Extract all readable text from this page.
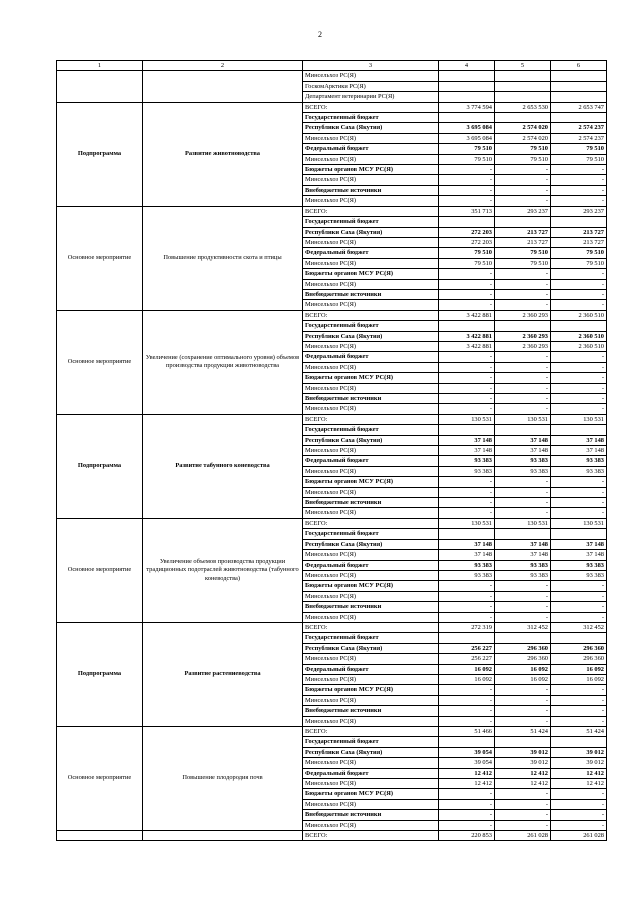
2
1	2	3	4	5	6
		Минсельхоз РС(Я)			
		ГоскомАрктики РС(Я)			
		Департамент ветеринарии РС(Я)			
Подпрограмма	Развитие животноводства	ВСЕГО:	3 774 594	2 653 530	2 653 747
		Государственный бюджет			
		Республики Саха (Якутия)	3 695 084	2 574 020	2 574 237
		Минсельхоз РС(Я)	3 695 084	2 574 020	2 574 237
		Федеральный бюджет	79 510	79 510	79 510
		Минсельхоз РС(Я)	79 510	79 510	79 510
		Бюджеты органов МСУ РС(Я)	-	-	-
		Минсельхоз РС(Я)	-	-	-
		Внебюджетные источники	-	-	-
		Минсельхоз РС(Я)	-	-	-
Основное мероприятие	Повышение продуктивности скота и птицы	ВСЕГО:	351 713	293 237	293 237
		Государственный бюджет			
		Республики Саха (Якутия)	272 203	213 727	213 727
		Минсельхоз РС(Я)	272 203	213 727	213 727
		Федеральный бюджет	79 510	79 510	79 510
		Минсельхоз РС(Я)	79 510	79 510	79 510
		Бюджеты органов МСУ РС(Я)	-	-	-
		Минсельхоз РС(Я)	-	-	-
		Внебюджетные источники	-	-	-
		Минсельхоз РС(Я)	-	-	-
Основное мероприятие	Увеличение (сохранение оптимального уровня) объемов производства продукции животноводства	ВСЕГО:	3 422 881	2 360 293	2 360 510
		Государственный бюджет			
		Республики Саха (Якутия)	3 422 881	2 360 293	2 360 510
		Минсельхоз РС(Я)	3 422 881	2 360 293	2 360 510
		Федеральный бюджет	-	-	-
		Минсельхоз РС(Я)	-	-	-
		Бюджеты органов МСУ РС(Я)	-	-	-
		Минсельхоз РС(Я)	-	-	-
		Внебюджетные источники	-	-	-
		Минсельхоз РС(Я)	-	-	-
Подпрограмма	Развитие табунного коневодства	ВСЕГО:	130 531	130 531	130 531
		Государственный бюджет			
		Республики Саха (Якутия)	37 148	37 148	37 148
		Минсельхоз РС(Я)	37 148	37 148	37 148
		Федеральный бюджет	93 383	93 383	93 383
		Минсельхоз РС(Я)	93 383	93 383	93 383
		Бюджеты органов МСУ РС(Я)	-	-	-
		Минсельхоз РС(Я)	-	-	-
		Внебюджетные источники	-	-	-
		Минсельхоз РС(Я)	-	-	-
Основное мероприятие	Увеличение объемов производства продукции традиционных подотраслей животноводства (табунного коневодства)	ВСЕГО:	130 531	130 531	130 531
		Государственный бюджет			
		Республики Саха (Якутия)	37 148	37 148	37 148
		Минсельхоз РС(Я)	37 148	37 148	37 148
		Федеральный бюджет	93 383	93 383	93 383
		Минсельхоз РС(Я)	93 383	93 383	93 383
		Бюджеты органов МСУ РС(Я)	-	-	-
		Минсельхоз РС(Я)	-	-	-
		Внебюджетные источники	-	-	-
		Минсельхоз РС(Я)	-	-	-
Подпрограмма	Развитие растениеводства	ВСЕГО:	272 319	312 452	312 452
		Государственный бюджет			
		Республики Саха (Якутия)	256 227	296 360	296 360
		Минсельхоз РС(Я)	256 227	296 360	296 360
		Федеральный бюджет	16 092	16 092	16 092
		Минсельхоз РС(Я)	16 092	16 092	16 092
		Бюджеты органов МСУ РС(Я)	-	-	-
		Минсельхоз РС(Я)	-	-	-
		Внебюджетные источники	-	-	-
		Минсельхоз РС(Я)	-	-	-
Основное мероприятие	Повышение плодородия почв	ВСЕГО:	51 466	51 424	51 424
		Государственный бюджет			
		Республики Саха (Якутия)	39 054	39 012	39 012
		Минсельхоз РС(Я)	39 054	39 012	39 012
		Федеральный бюджет	12 412	12 412	12 412
		Минсельхоз РС(Я)	12 412	12 412	12 412
		Бюджеты органов МСУ РС(Я)	-	-	-
		Минсельхоз РС(Я)	-	-	-
		Внебюджетные источники	-	-	-
		Минсельхоз РС(Я)	-	-	-
		ВСЕГО:	220 853	261 028	261 028
